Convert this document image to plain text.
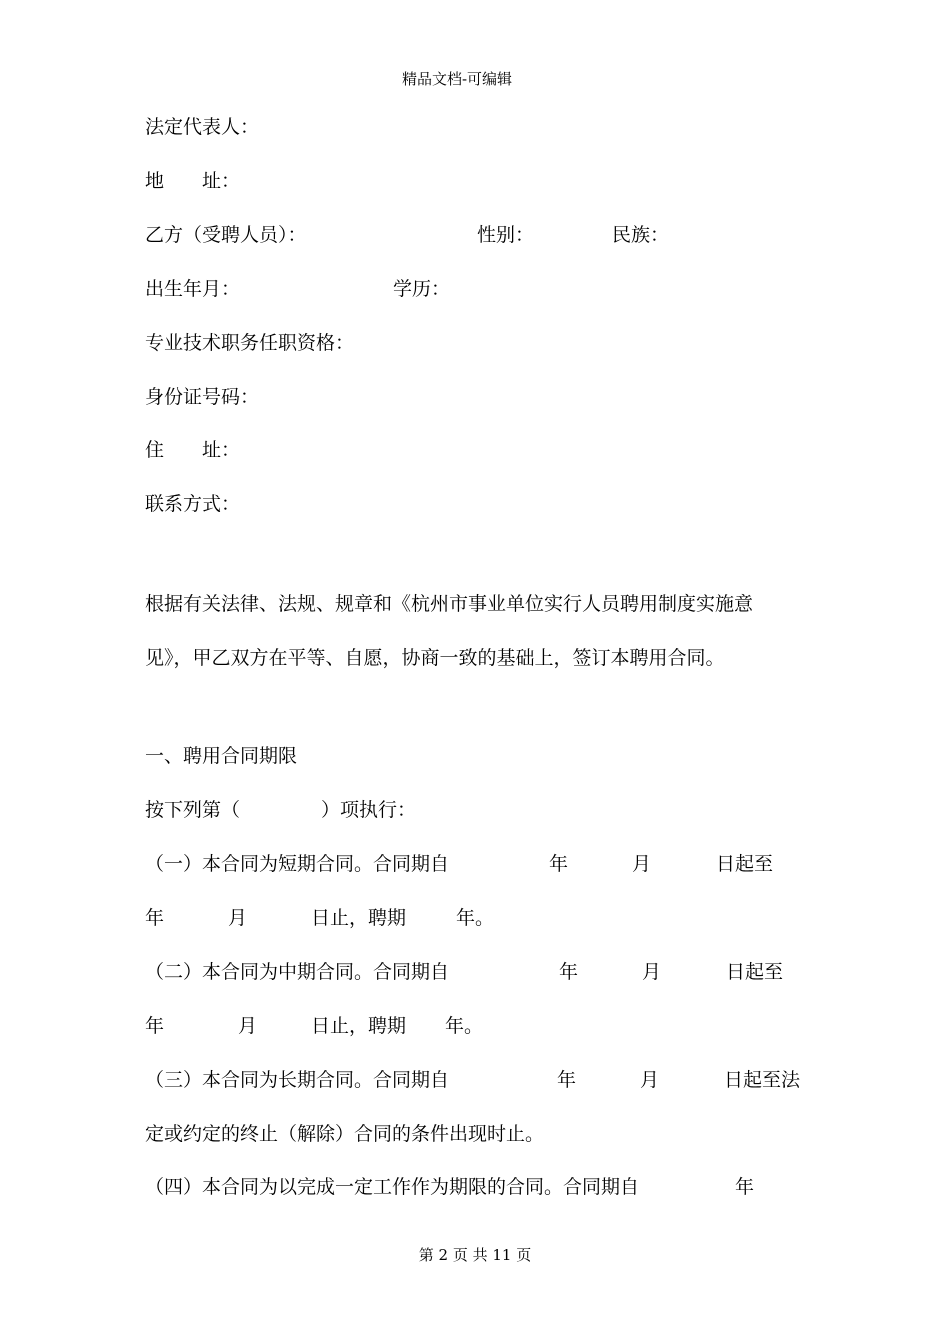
精品文档-可编辑
法定代表人：
地　　址：
乙方（受聘人员）：	性别：	民族：
出生年月：	学历：
专业技术职务任职资格：
身份证号码：
住　　址：
联系方式：
根据有关法律、法规、规章和《杭州市事业单位实行人员聘用制度实施意
见》，甲乙双方在平等、自愿，协商一致的基础上，签订本聘用合同。
一、聘用合同期限
按下列第（	）项执行：
（一）本合同为短期合同。合同期自	年	月	日起至
年	月	日止，聘期	年。
（二）本合同为中期合同。合同期自	年	月	日起至
年	月	日止，聘期 年。
（三）本合同为长期合同。合同期自	年	月	日起至法
定或约定的终止（解除）合同的条件出现时止。
（四）本合同为以完成一定工作作为期限的合同。合同期自	年
第 2 页 共 11 页
